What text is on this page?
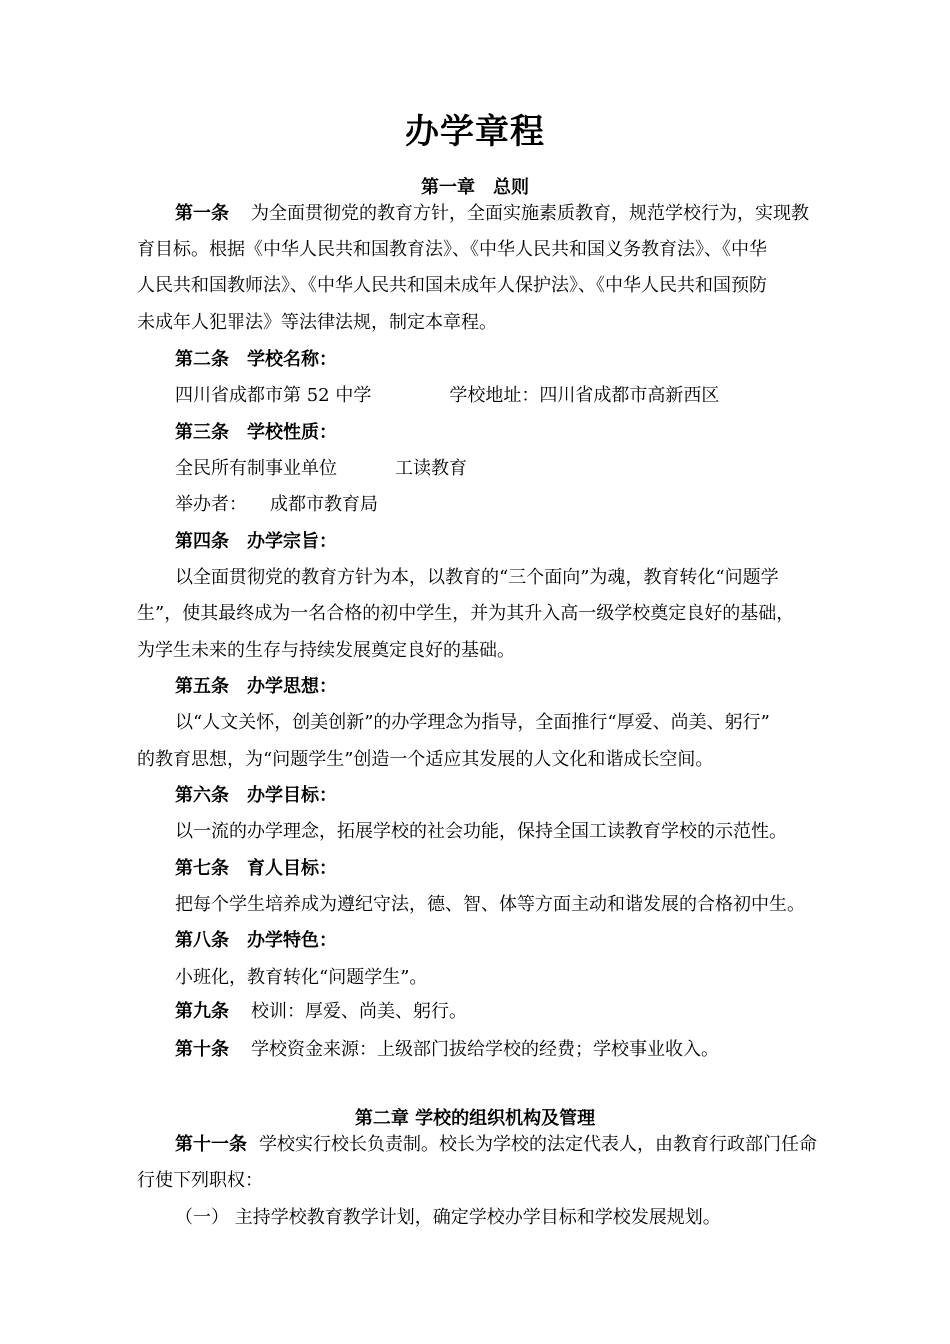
办学章程
第一章　总则
第一条 为全面贯彻党的教育方针，全面实施素质教育，规范学校行为，实现教
育目标。根据《中华人民共和国教育法》、《中华人民共和国义务教育法》、《中华
人民共和国教师法》、《中华人民共和国未成年人保护法》、《中华人民共和国预防
未成年人犯罪法》等法律法规，制定本章程。
第二条　学校名称：
四川省成都市第 52 中学	学校地址：四川省成都市高新西区
第三条　学校性质：
全民所有制事业单位	工读教育
举办者： 成都市教育局
第四条　办学宗旨：
以全面贯彻党的教育方针为本，以教育的“三个面向”为魂，教育转化“问题学
生”，使其最终成为一名合格的初中学生，并为其升入高一级学校奠定良好的基础，
为学生未来的生存与持续发展奠定良好的基础。
第五条　办学思想：
以“人文关怀，创美创新”的办学理念为指导，全面推行“厚爱、尚美、躬行”
的教育思想，为“问题学生”创造一个适应其发展的人文化和谐成长空间。
第六条　办学目标：
以一流的办学理念，拓展学校的社会功能，保持全国工读教育学校的示范性。
第七条　育人目标：
把每个学生培养成为遵纪守法，德、智、体等方面主动和谐发展的合格初中生。
第八条　办学特色：
小班化，教育转化“问题学生”。
第九条 校训：厚爱、尚美、躬行。
第十条 学校资金来源：上级部门拔给学校的经费；学校事业收入。
第二章 学校的组织机构及管理
第十一条 学校实行校长负责制。校长为学校的法定代表人，由教育行政部门任命
行使下列职权：
（一） 主持学校教育教学计划，确定学校办学目标和学校发展规划。
